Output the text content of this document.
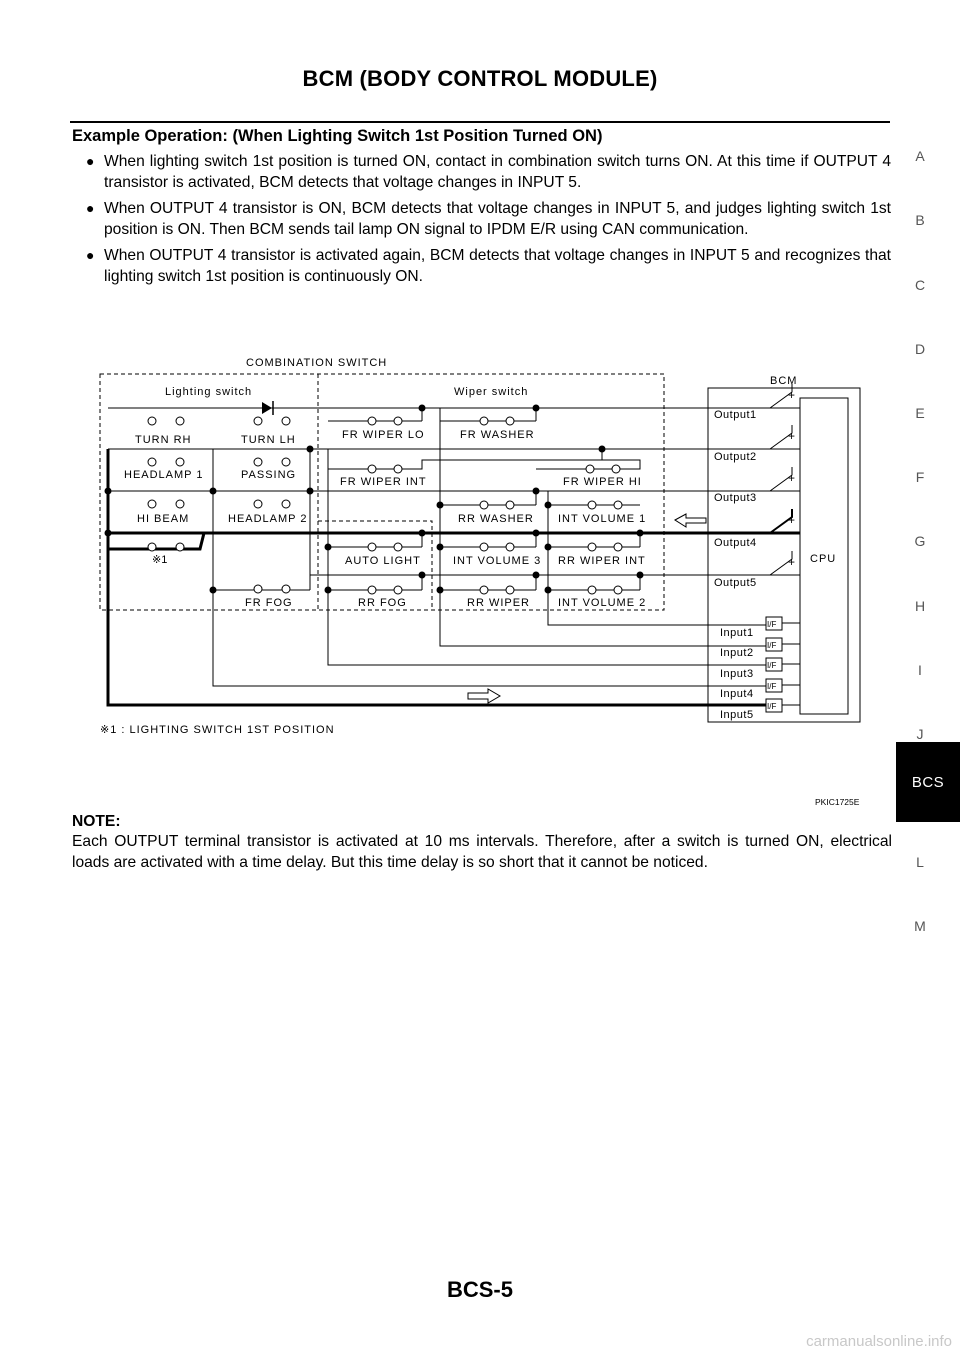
BCM (BODY CONTROL MODULE)
Example Operation: (When Lighting Switch 1st Position Turned ON)
● When lighting switch 1st position is turned ON, contact in combination switch turns ON. At this time if OUTPUT 4 transistor is activated, BCM detects that voltage changes in INPUT 5.
● When OUTPUT 4 transistor is ON, BCM detects that voltage changes in INPUT 5, and judges lighting switch 1st position is ON. Then BCM sends tail lamp ON signal to IPDM E/R using CAN communication.
● When OUTPUT 4 transistor is activated again, BCM detects that voltage changes in INPUT 5 and recognizes that lighting switch 1st position is continuously ON.
A
B
C
D
E
F
G
H
I
J
L
M
BCS
COMBINATION SWITCH
Lighting switch	Wiper switch
BCM
CPU
TURN RH	TURN LH
HEADLAMP 1	PASSING
HI BEAM	HEADLAMP 2
※1
FR FOG
FR WIPER LO	FR WASHER
FR WIPER INT	FR WIPER HI
RR WASHER INT VOLUME 1
AUTO LIGHT	INT VOLUME 3 RR WIPER INT
RR FOG	RR WIPER	INT VOLUME 2
Output1
Output2
Output3
Output4
Output5
Input1
Input2
Input3
Input4
Input5
※1 : LIGHTING SWITCH 1ST POSITION
I/F
I/F
I/F
I/F
I/F
+
+
+
+
+
PKIC1725E
NOTE:
Each OUTPUT terminal transistor is activated at 10 ms intervals. Therefore, after a switch is turned ON, electrical loads are activated with a time delay. But this time delay is so short that it cannot be noticed.
BCS-5
carmanualsonline.info
